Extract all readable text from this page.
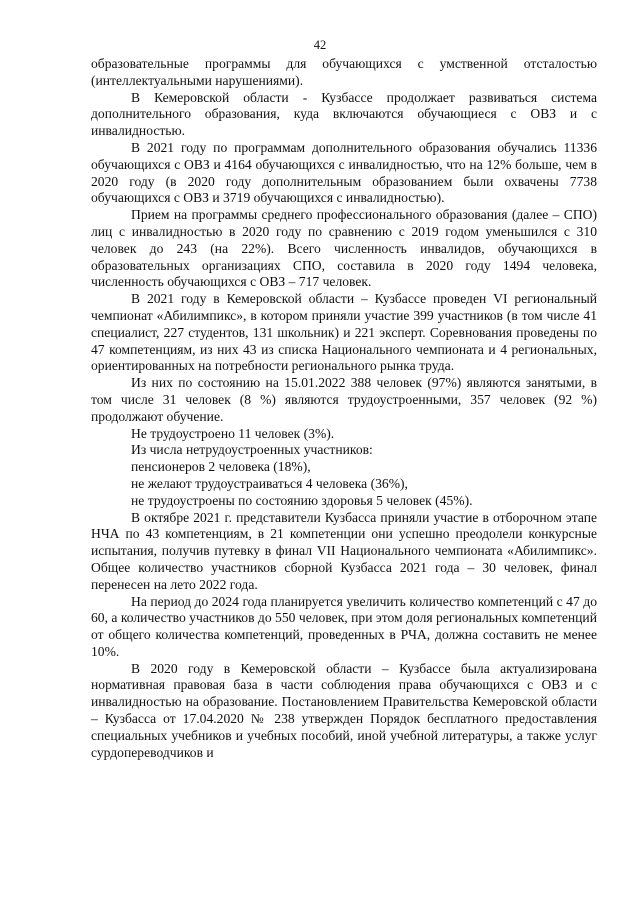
42

образовательные программы для обучающихся с умственной отсталостью (интеллектуальными нарушениями).

В Кемеровской области - Кузбассе продолжает развиваться система дополнительного образования, куда включаются обучающиеся с ОВЗ и с инвалидностью.

В 2021 году по программам дополнительного образования обучались 11336 обучающихся с ОВЗ и 4164 обучающихся с инвалидностью, что на 12% больше, чем в 2020 году (в 2020 году дополнительным образованием были охвачены 7738 обучающихся с ОВЗ и 3719 обучающихся с инвалидностью).

Прием на программы среднего профессионального образования (далее – СПО) лиц с инвалидностью в 2020 году по сравнению с 2019 годом уменьшился с 310 человек до 243 (на 22%). Всего численность инвалидов, обучающихся в образовательных организациях СПО, составила в 2020 году 1494 человека, численность обучающихся с ОВЗ – 717 человек.

В 2021 году в Кемеровской области – Кузбассе проведен VI региональный чемпионат «Абилимпикс», в котором приняли участие 399 участников (в том числе 41 специалист, 227 студентов, 131 школьник) и 221 эксперт. Соревнования проведены по 47 компетенциям, из них 43 из списка Национального чемпионата и 4 региональных, ориентированных на потребности регионального рынка труда.

Из них по состоянию на 15.01.2022 388 человек (97%) являются занятыми, в том числе 31 человек (8 %) являются трудоустроенными, 357 человек (92 %) продолжают обучение.

Не трудоустроено 11 человек (3%).

Из числа нетрудоустроенных участников:

пенсионеров 2 человека (18%),

не желают трудоустраиваться 4 человека (36%),

не трудоустроены по состоянию здоровья 5 человек (45%).

В октябре 2021 г. представители Кузбасса приняли участие в отборочном этапе НЧА по 43 компетенциям, в 21 компетенции они успешно преодолели конкурсные испытания, получив путевку в финал VII Национального чемпионата «Абилимпикс». Общее количество участников сборной Кузбасса 2021 года – 30 человек, финал перенесен на лето 2022 года.

На период до 2024 года планируется увеличить количество компетенций с 47 до 60, а количество участников до 550 человек, при этом доля региональных компетенций от общего количества компетенций, проведенных в РЧА, должна составить не менее 10%.

В 2020 году в Кемеровской области – Кузбассе была актуализирована нормативная правовая база в части соблюдения права обучающихся с ОВЗ и с инвалидностью на образование. Постановлением Правительства Кемеровской области – Кузбасса от 17.04.2020 № 238 утвержден Порядок бесплатного предоставления специальных учебников и учебных пособий, иной учебной литературы, а также услуг сурдопереводчиков и
